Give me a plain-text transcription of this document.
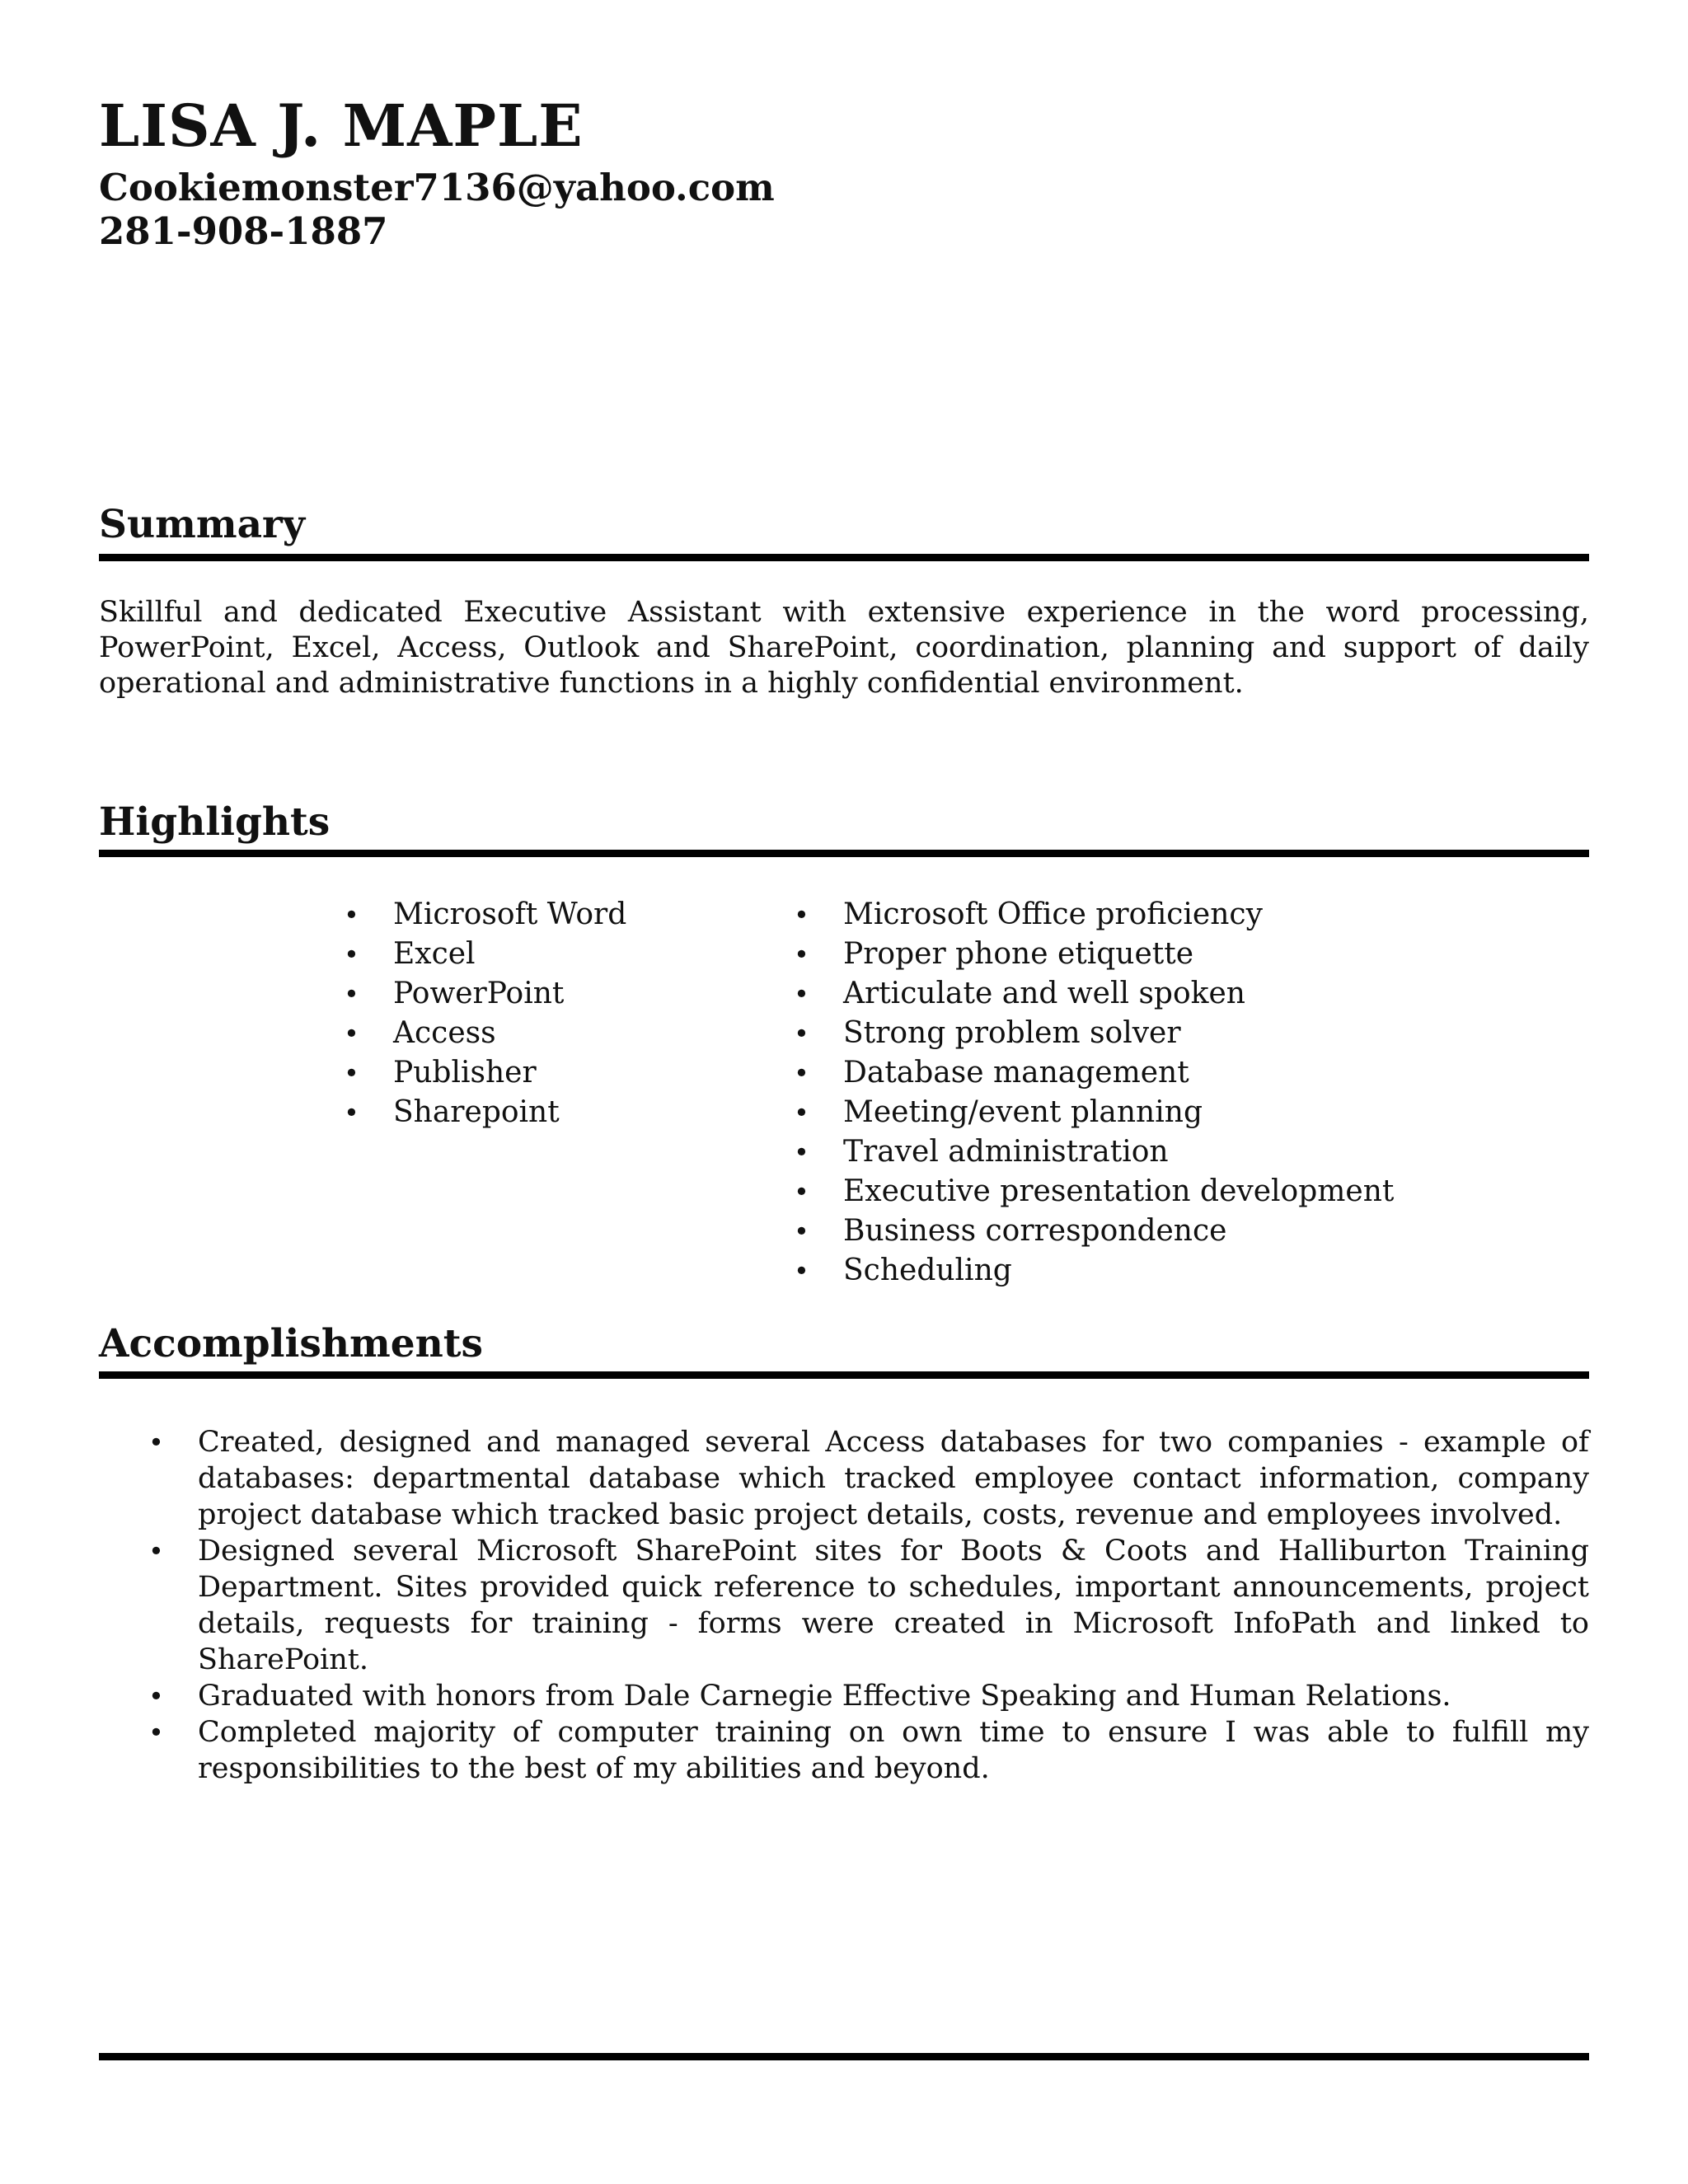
LISA J. MAPLE
Cookiemonster7136@yahoo.com
281-908-1887
Summary

Skillful and dedicated Executive Assistant with extensive experience in the word processing, PowerPoint, Excel, Access, Outlook and SharePoint, coordination, planning and support of daily operational and administrative functions in a highly confidential environment.

Highlights
• Microsoft Word
• Excel
• PowerPoint
• Access
• Publisher
• Sharepoint
• Microsoft Office proficiency
• Proper phone etiquette
• Articulate and well spoken
• Strong problem solver
• Database management
• Meeting/event planning
• Travel administration
• Executive presentation development
• Business correspondence
• Scheduling
Accomplishments
• Created, designed and managed several Access databases for two companies - example of databases: departmental database which tracked employee contact information, company project database which tracked basic project details, costs, revenue and employees involved.
• Designed several Microsoft SharePoint sites for Boots & Coots and Halliburton Training Department. Sites provided quick reference to schedules, important announcements, project details, requests for training - forms were created in Microsoft InfoPath and linked to SharePoint.
• Graduated with honors from Dale Carnegie Effective Speaking and Human Relations.
• Completed majority of computer training on own time to ensure I was able to fulfill my responsibilities to the best of my abilities and beyond.
